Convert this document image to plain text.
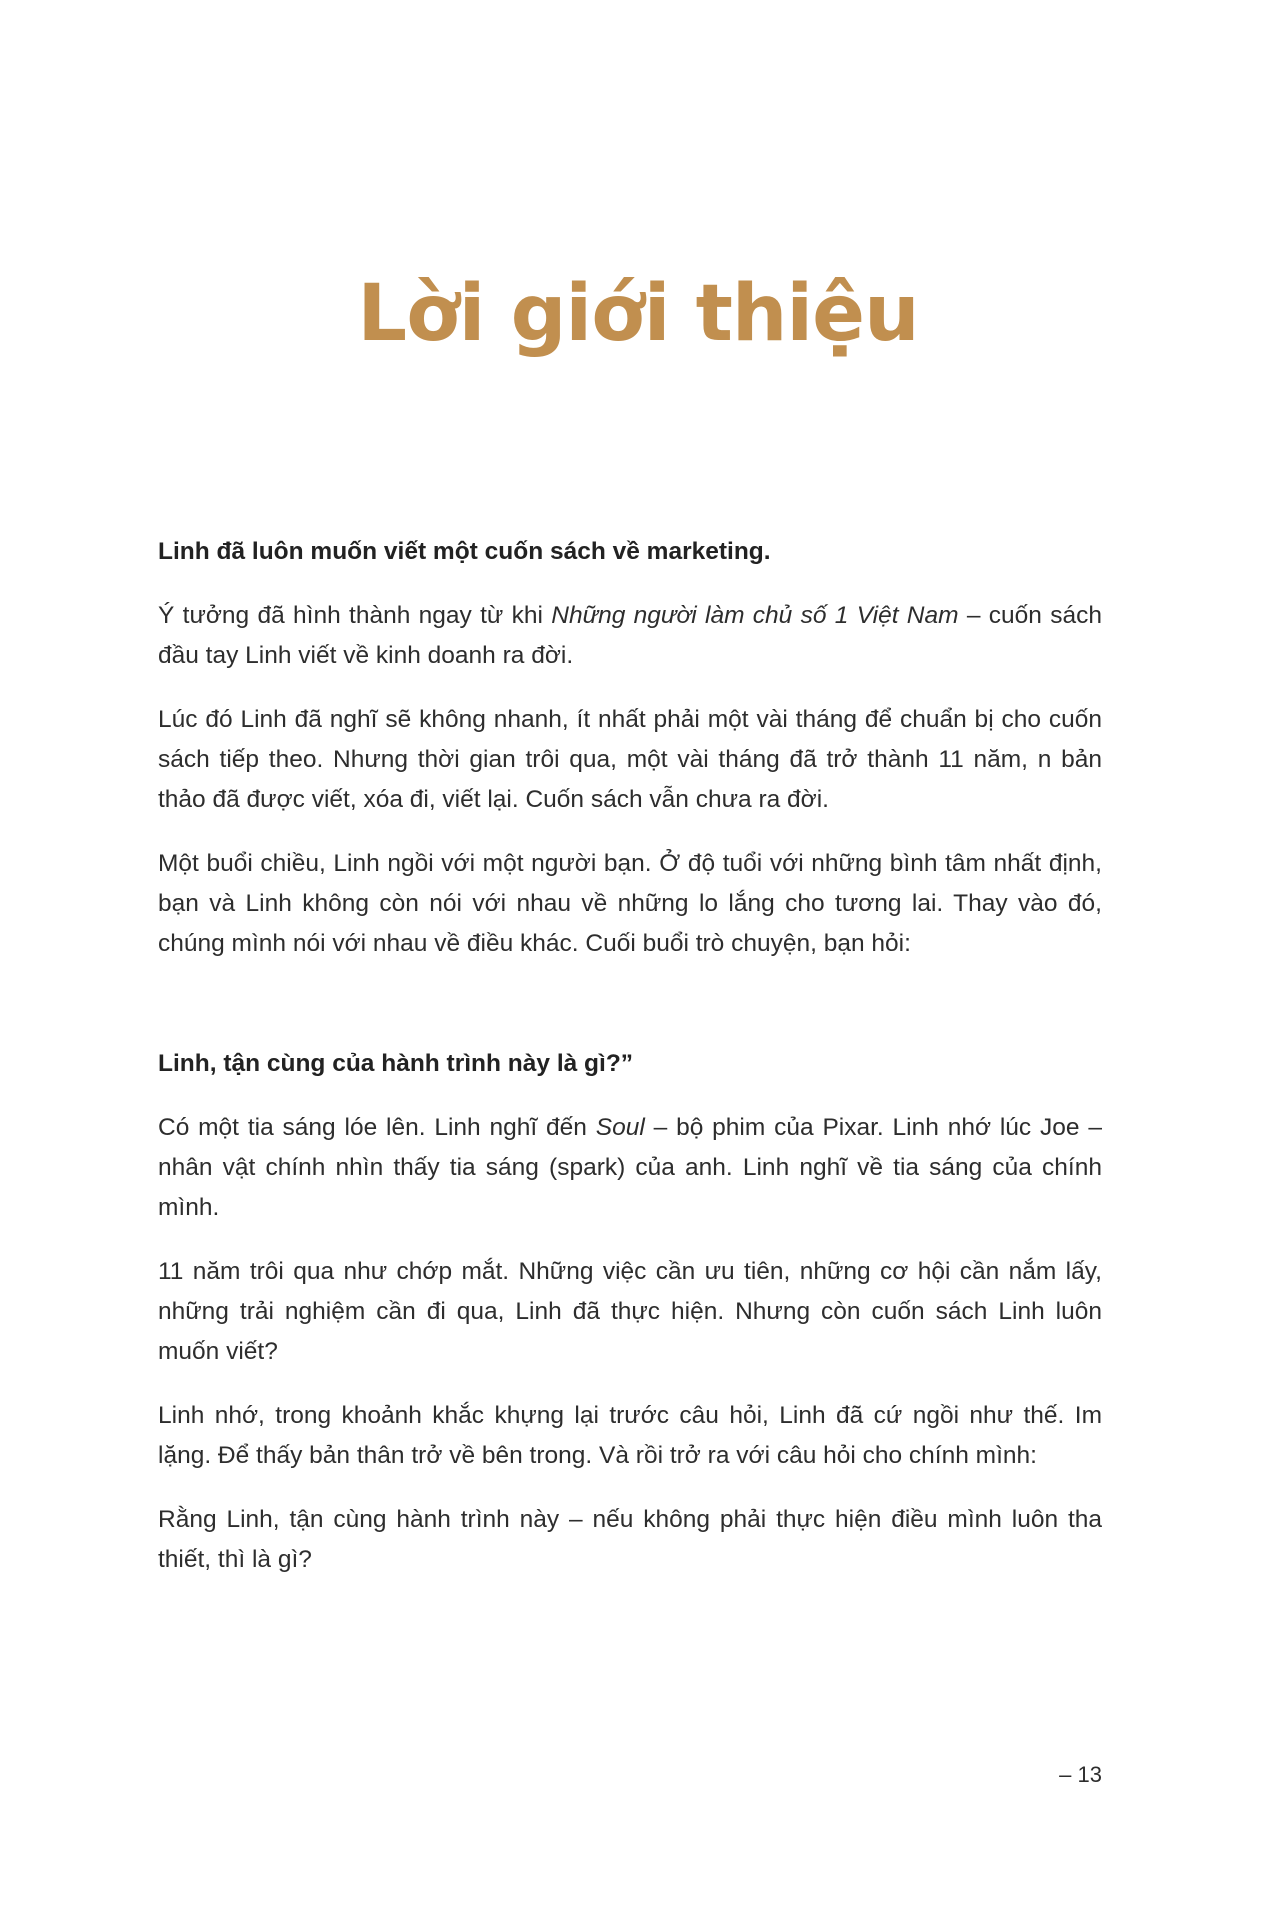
Lời giới thiệu

Linh đã luôn muốn viết một cuốn sách về marketing.

Ý tưởng đã hình thành ngay từ khi Những người làm chủ số 1 Việt Nam – cuốn sách đầu tay Linh viết về kinh doanh ra đời.

Lúc đó Linh đã nghĩ sẽ không nhanh, ít nhất phải một vài tháng để chuẩn bị cho cuốn sách tiếp theo. Nhưng thời gian trôi qua, một vài tháng đã trở thành 11 năm, n bản thảo đã được viết, xóa đi, viết lại. Cuốn sách vẫn chưa ra đời.

Một buổi chiều, Linh ngồi với một người bạn. Ở độ tuổi với những bình tâm nhất định, bạn và Linh không còn nói với nhau về những lo lắng cho tương lai. Thay vào đó, chúng mình nói với nhau về điều khác. Cuối buổi trò chuyện, bạn hỏi:

Linh, tận cùng của hành trình này là gì?”

Có một tia sáng lóe lên. Linh nghĩ đến Soul – bộ phim của Pixar. Linh nhớ lúc Joe – nhân vật chính nhìn thấy tia sáng (spark) của anh. Linh nghĩ về tia sáng của chính mình.

11 năm trôi qua như chớp mắt. Những việc cần ưu tiên, những cơ hội cần nắm lấy, những trải nghiệm cần đi qua, Linh đã thực hiện. Nhưng còn cuốn sách Linh luôn muốn viết?

Linh nhớ, trong khoảnh khắc khựng lại trước câu hỏi, Linh đã cứ ngồi như thế. Im lặng. Để thấy bản thân trở về bên trong. Và rồi trở ra với câu hỏi cho chính mình:

Rằng Linh, tận cùng hành trình này – nếu không phải thực hiện điều mình luôn tha thiết, thì là gì?

– 13
